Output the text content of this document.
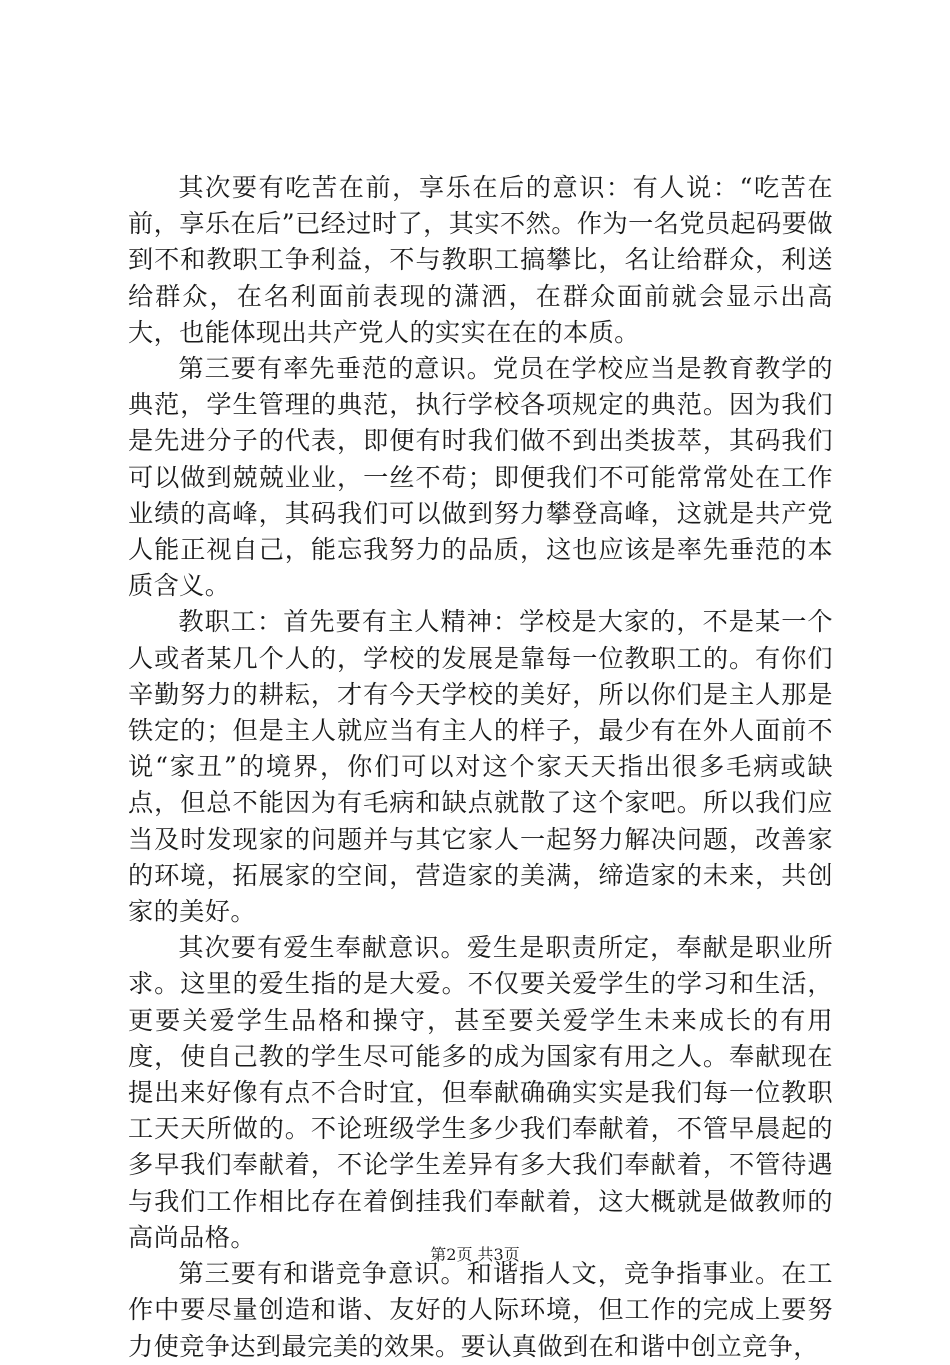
其次要有吃苦在前，享乐在后的意识：有人说：“吃苦在前，享乐在后”已经过时了，其实不然。作为一名党员起码要做到不和教职工争利益，不与教职工搞攀比，名让给群众，利送给群众，在名利面前表现的潇洒，在群众面前就会显示出高大，也能体现出共产党人的实实在在的本质。

第三要有率先垂范的意识。党员在学校应当是教育教学的典范，学生管理的典范，执行学校各项规定的典范。因为我们是先进分子的代表，即便有时我们做不到出类拔萃，其码我们可以做到兢兢业业，一丝不苟；即便我们不可能常常处在工作业绩的高峰，其码我们可以做到努力攀登高峰，这就是共产党人能正视自己，能忘我努力的品质，这也应该是率先垂范的本质含义。

教职工：首先要有主人精神：学校是大家的，不是某一个人或者某几个人的，学校的发展是靠每一位教职工的。有你们辛勤努力的耕耘，才有今天学校的美好，所以你们是主人那是铁定的；但是主人就应当有主人的样子，最少有在外人面前不说“家丑”的境界，你们可以对这个家天天指出很多毛病或缺点，但总不能因为有毛病和缺点就散了这个家吧。所以我们应当及时发现家的问题并与其它家人一起努力解决问题，改善家的环境，拓展家的空间，营造家的美满，缔造家的未来，共创家的美好。

其次要有爱生奉献意识。爱生是职责所定，奉献是职业所求。这里的爱生指的是大爱。不仅要关爱学生的学习和生活，更要关爱学生品格和操守，甚至要关爱学生未来成长的有用度，使自己教的学生尽可能多的成为国家有用之人。奉献现在提出来好像有点不合时宜，但奉献确确实实是我们每一位教职工天天所做的。不论班级学生多少我们奉献着，不管早晨起的多早我们奉献着，不论学生差异有多大我们奉献着，不管待遇与我们工作相比存在着倒挂我们奉献着，这大概就是做教师的高尚品格。

第三要有和谐竞争意识。和谐指人文，竞争指事业。在工作中要尽量创造和谐、友好的人际环境，但工作的完成上要努力使竞争达到最完美的效果。要认真做到在和谐中创立竞争，

第2页 共3页
